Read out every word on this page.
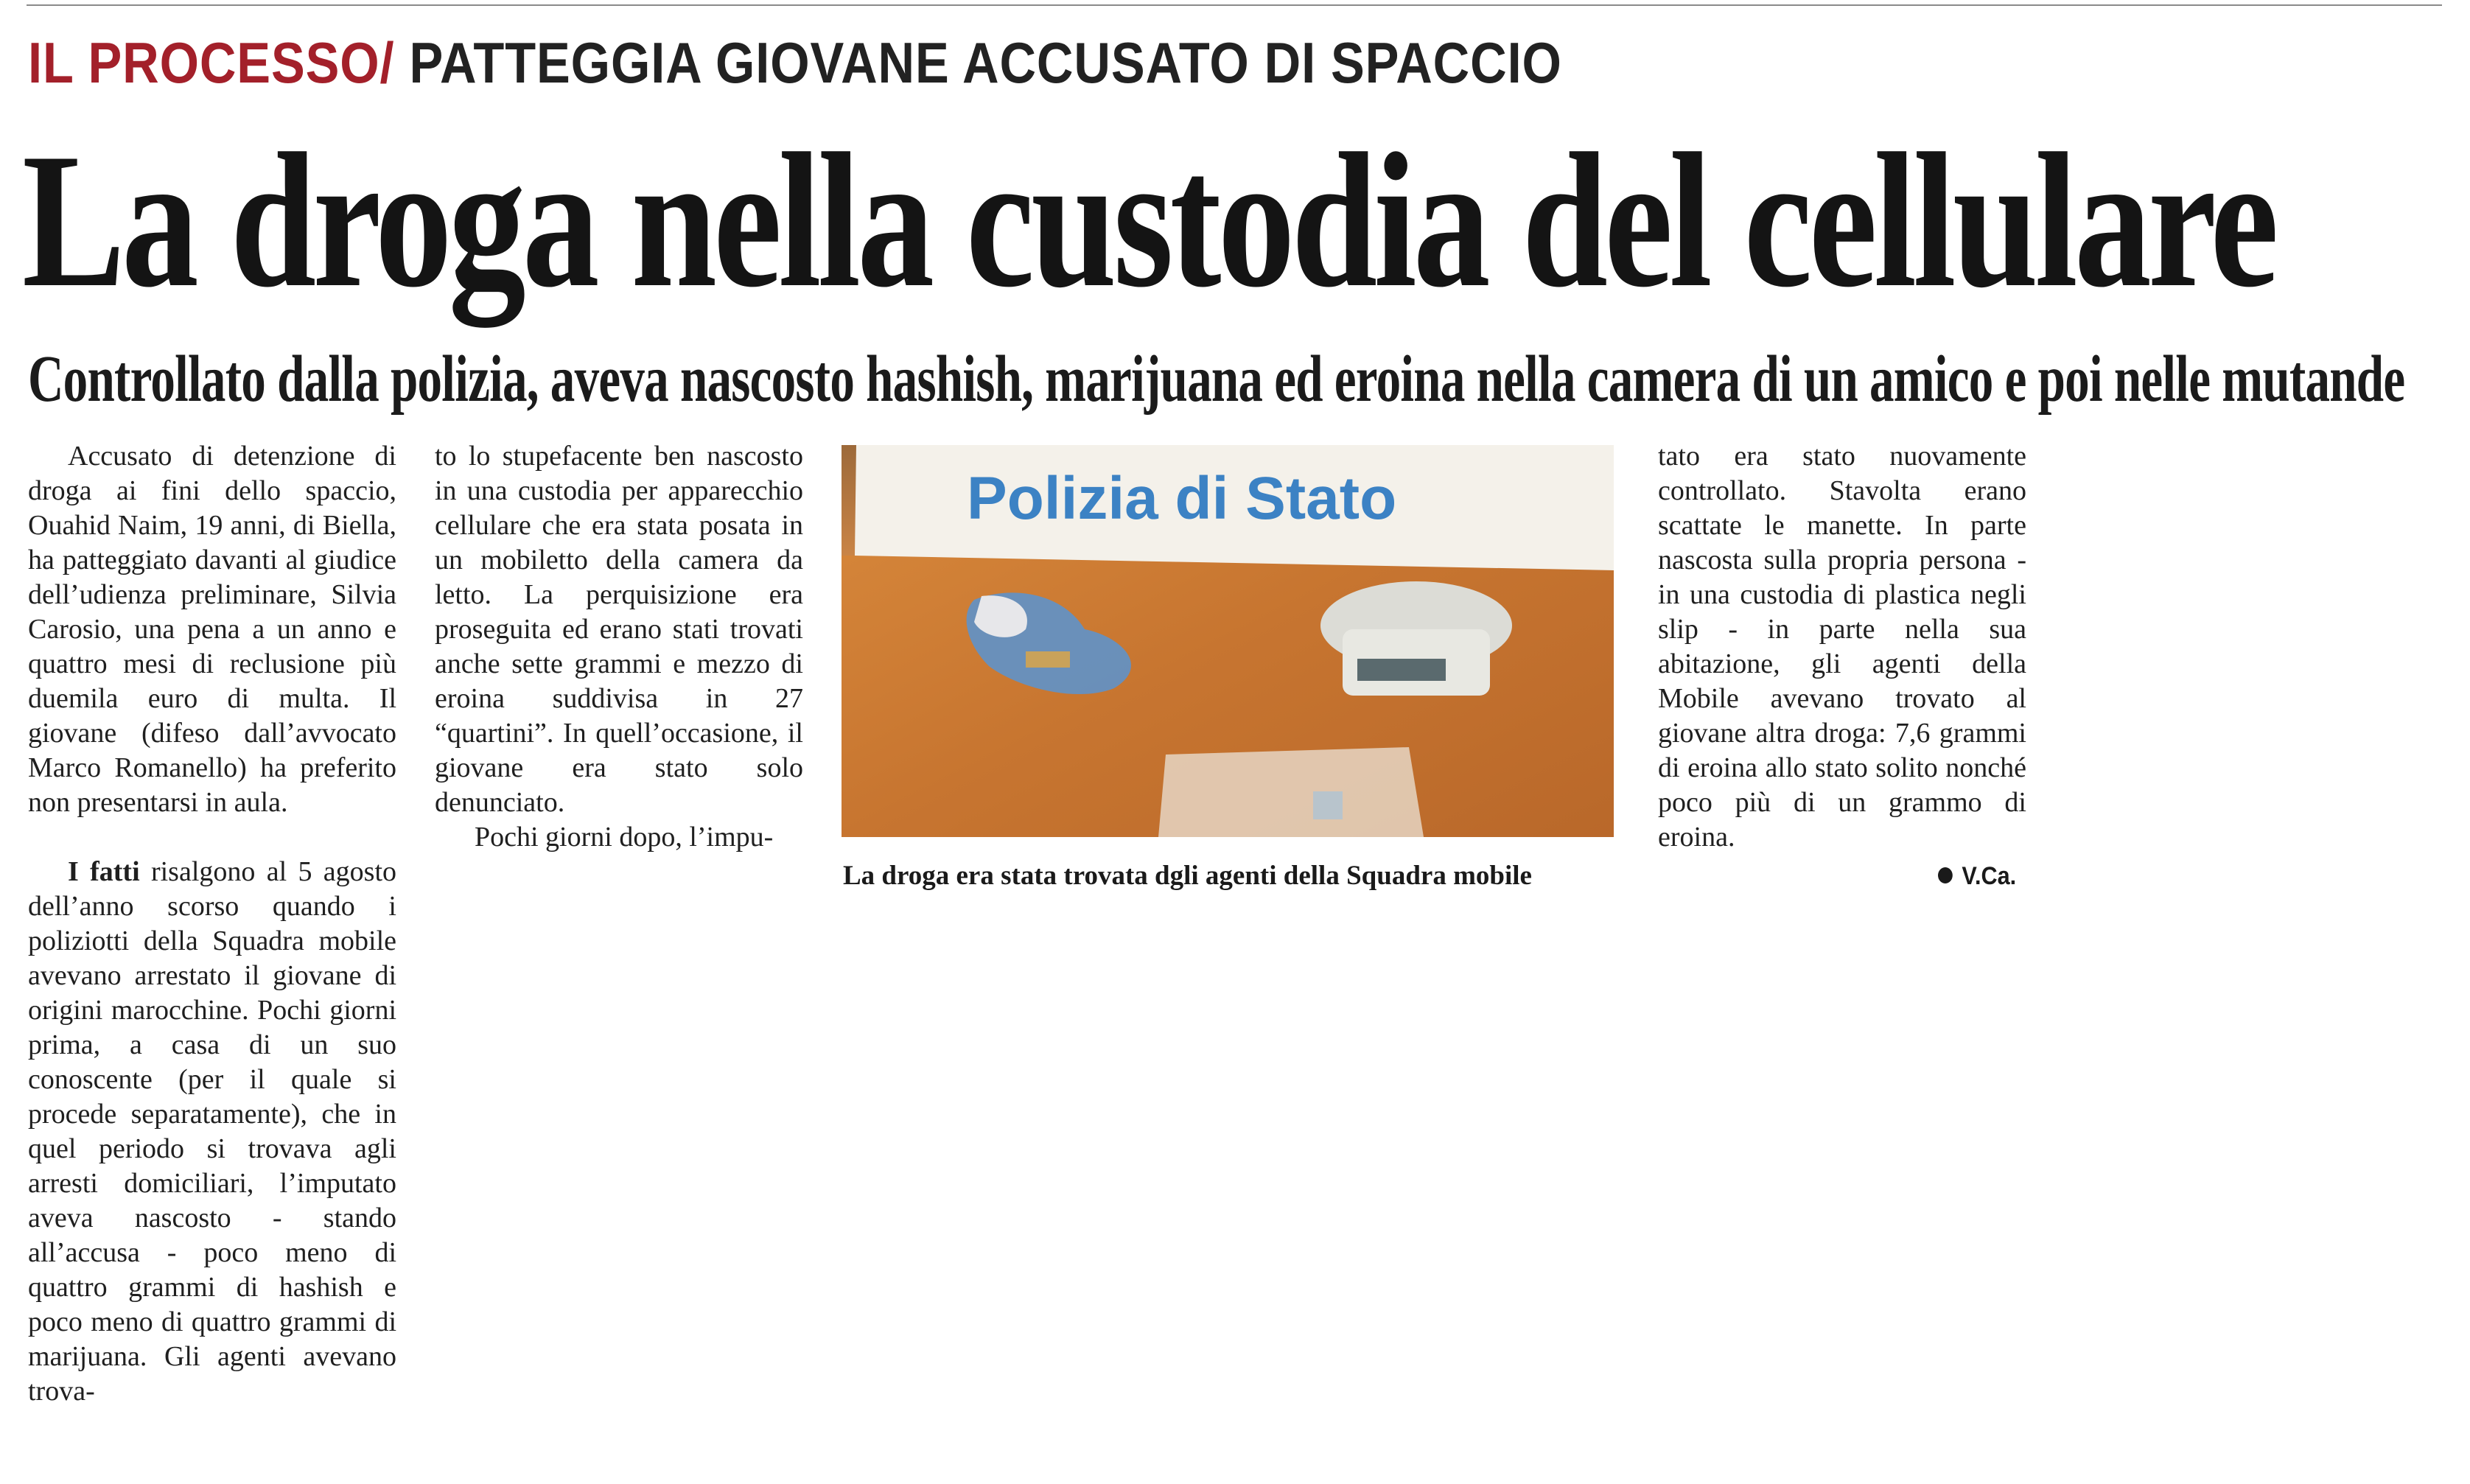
IL PROCESSO/ PATTEGGIA GIOVANE ACCUSATO DI SPACCIO
La droga nella custodia del cellulare
Controllato dalla polizia, aveva nascosto hashish, marijuana ed eroina nella camera di un amico e poi nelle mutande

Accusato di detenzione di droga ai fini dello spaccio, Ouahid Naim, 19 anni, di Biella, ha patteggiato davanti al giudice dell’udienza preliminare, Silvia Carosio, una pena a un anno e quattro mesi di reclusione più duemila euro di multa. Il giovane (difeso dall’avvocato Marco Romanello) ha preferito non presentarsi in aula.

I fatti risalgono al 5 agosto dell’anno scorso quando i poliziotti della Squadra mobile avevano arrestato il giovane di origini marocchine. Pochi giorni prima, a casa di un suo conoscente (per il quale si procede separatamente), che in quel periodo si trovava agli arresti domiciliari, l’imputato aveva nascosto - stando all’accusa - poco meno di quattro grammi di hashish e poco meno di quattro grammi di marijuana. Gli agenti avevano trova-

to lo stupefacente ben nascosto in una custodia per apparecchio cellulare che era stata posata in un mobiletto della camera da letto. La perquisizione era proseguita ed erano stati trovati anche sette grammi e mezzo di eroina suddivisa in 27 “quartini”. In quell’occasione, il giovane era stato solo denunciato.

Pochi giorni dopo, l’impu-

Polizia di Stato
La droga era stata trovata dgli agenti della Squadra mobile

tato era stato nuovamente controllato. Stavolta erano scattate le manette. In parte nascosta sulla propria persona - in una custodia di plastica negli slip - in parte nella sua abitazione, gli agenti della Mobile avevano trovato al giovane altra droga: 7,6 grammi di eroina allo stato solito nonché poco più di un grammo di eroina.

V.Ca.
